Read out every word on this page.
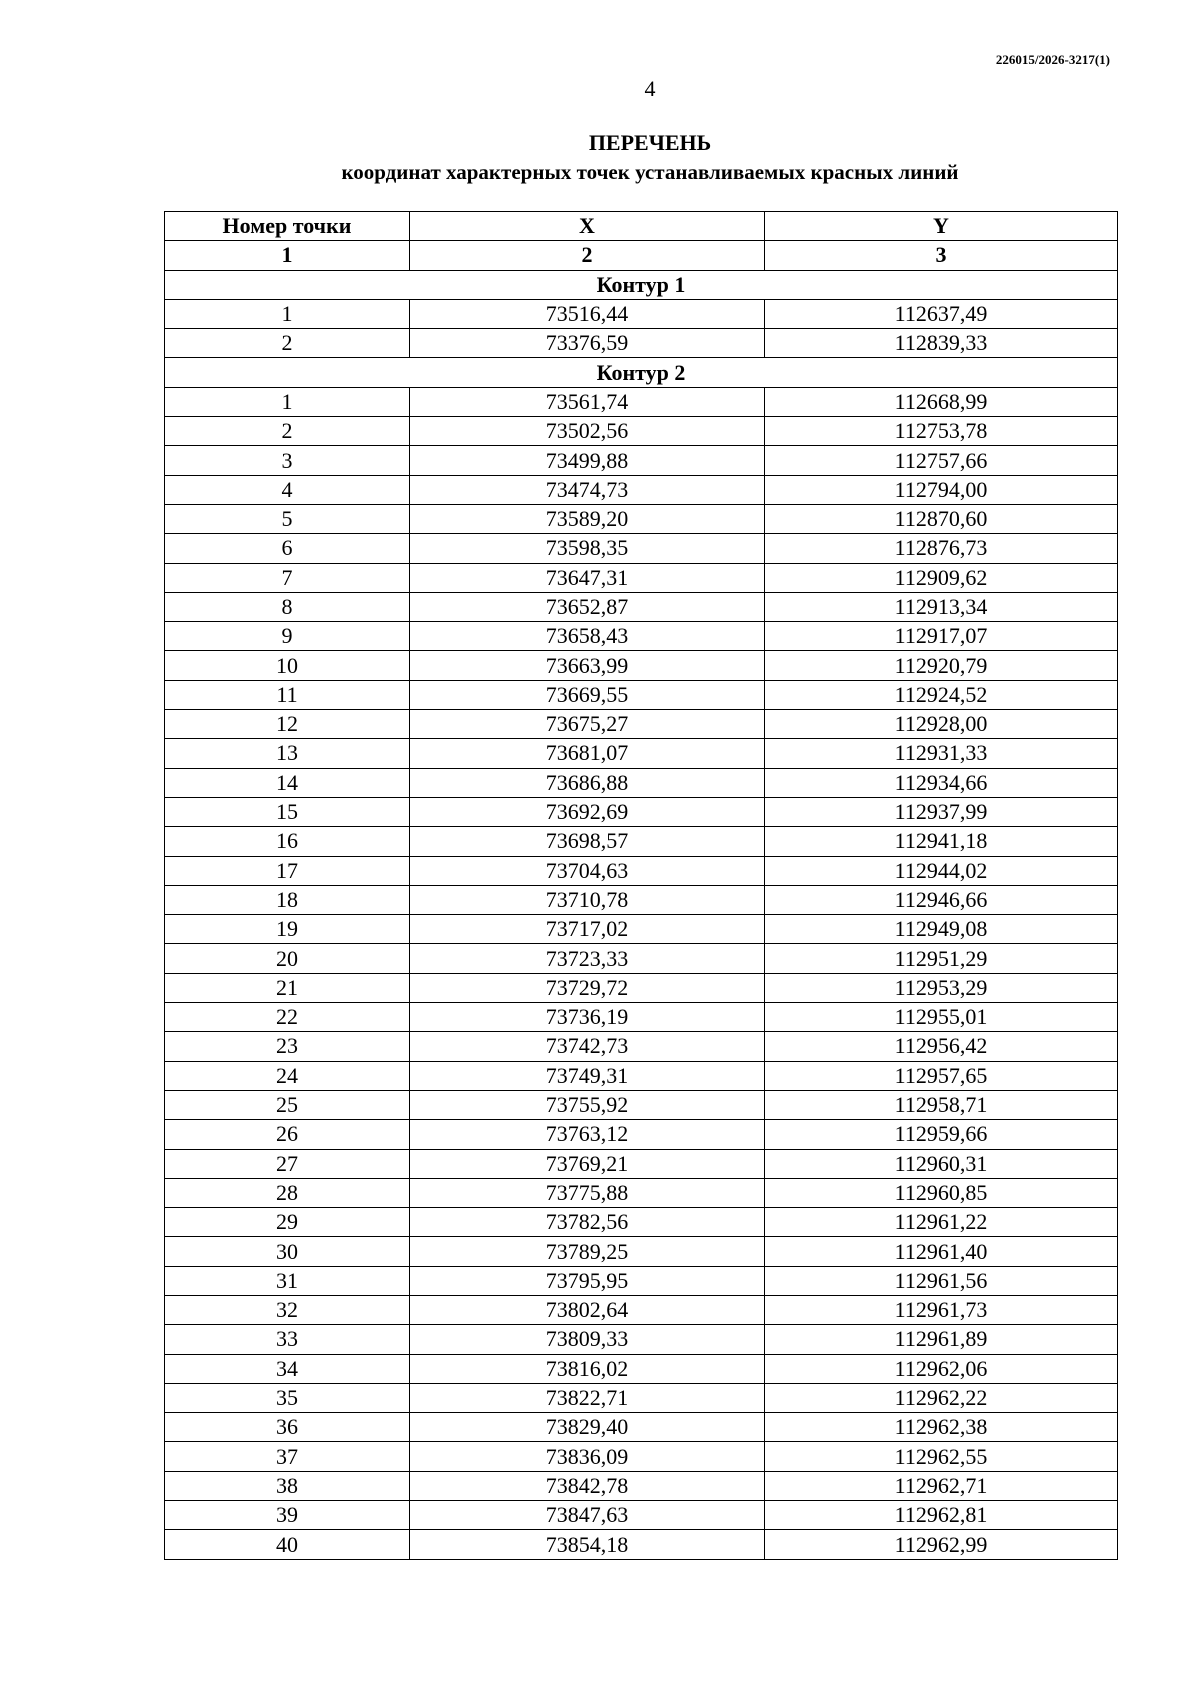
226015/2026-3217(1)
4
ПЕРЕЧЕНЬ
координат характерных точек устанавливаемых красных линий
Номер точки	X	Y
1	2	3
Контур 1		
1	73516,44	112637,49
2	73376,59	112839,33
Контур 2		
1	73561,74	112668,99
2	73502,56	112753,78
3	73499,88	112757,66
4	73474,73	112794,00
5	73589,20	112870,60
6	73598,35	112876,73
7	73647,31	112909,62
8	73652,87	112913,34
9	73658,43	112917,07
10	73663,99	112920,79
11	73669,55	112924,52
12	73675,27	112928,00
13	73681,07	112931,33
14	73686,88	112934,66
15	73692,69	112937,99
16	73698,57	112941,18
17	73704,63	112944,02
18	73710,78	112946,66
19	73717,02	112949,08
20	73723,33	112951,29
21	73729,72	112953,29
22	73736,19	112955,01
23	73742,73	112956,42
24	73749,31	112957,65
25	73755,92	112958,71
26	73763,12	112959,66
27	73769,21	112960,31
28	73775,88	112960,85
29	73782,56	112961,22
30	73789,25	112961,40
31	73795,95	112961,56
32	73802,64	112961,73
33	73809,33	112961,89
34	73816,02	112962,06
35	73822,71	112962,22
36	73829,40	112962,38
37	73836,09	112962,55
38	73842,78	112962,71
39	73847,63	112962,81
40	73854,18	112962,99
